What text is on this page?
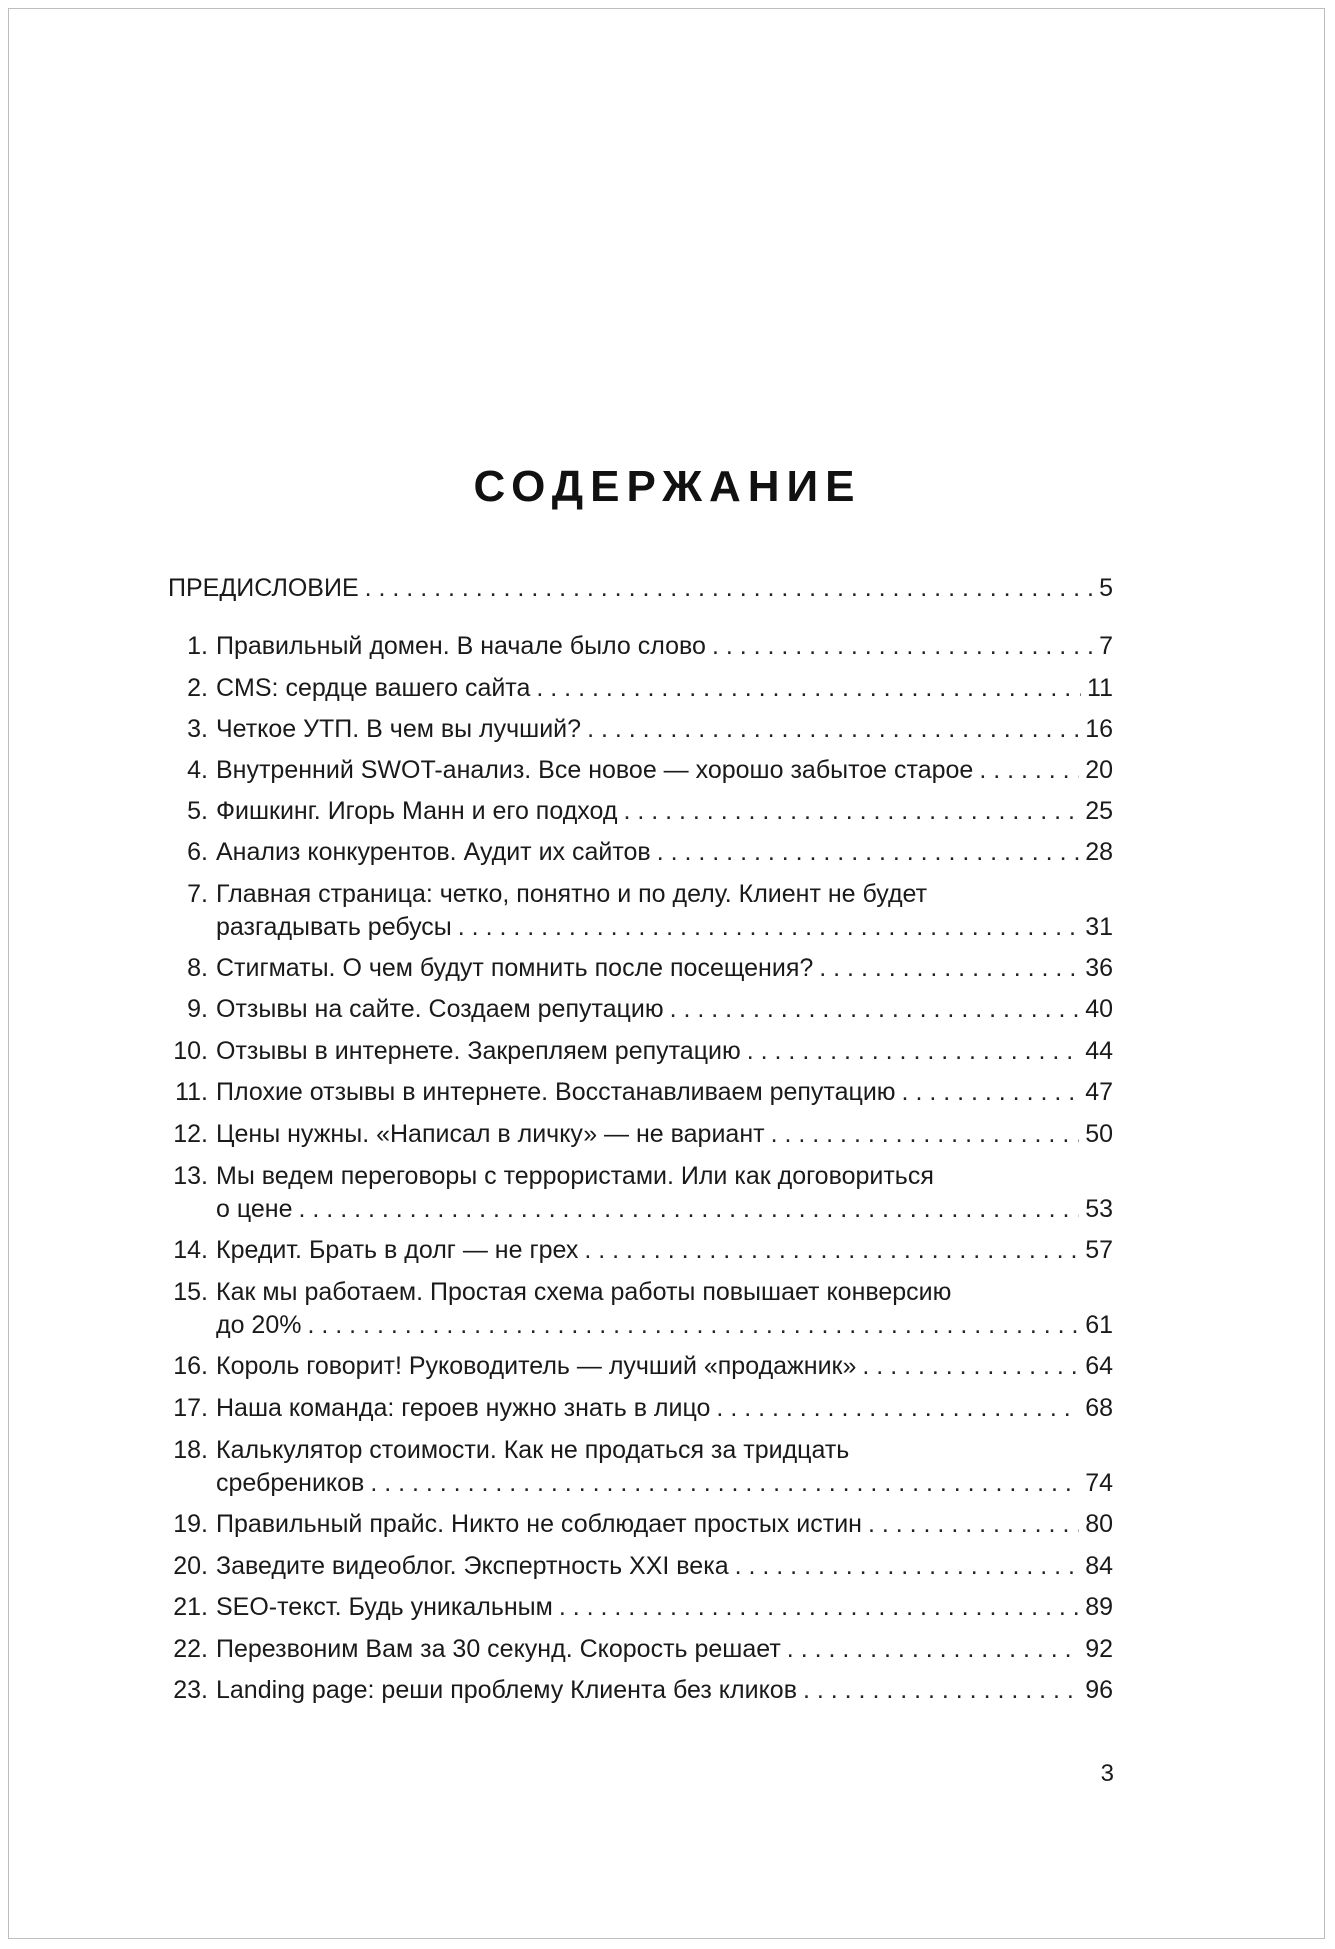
СОДЕРЖАНИЕ
ПРЕДИСЛОВИЕ . . .	5
1. Правильный домен. В начале было слово . . .	7
2. CMS: сердце вашего сайта . . .	11
3. Четкое УТП. В чем вы лучший? . . .	16
4. Внутренний SWOT-анализ. Все новое — хорошо забытое старое . . .	20
5. Фишкинг. Игорь Манн и его подход . . .	25
6. Анализ конкурентов. Аудит их сайтов . . .	28
7. Главная страница: четко, понятно и по делу. Клиент не будет
разгадывать ребусы . . .	31
8. Стигматы. О чем будут помнить после посещения? . . .	36
9. Отзывы на сайте. Создаем репутацию . . .	40
10. Отзывы в интернете. Закрепляем репутацию . . .	44
11. Плохие отзывы в интернете. Восстанавливаем репутацию . . .	47
12. Цены нужны. «Написал в личку» — не вариант . . .	50
13. Мы ведем переговоры с террористами. Или как договориться
о цене . . .	53
14. Кредит. Брать в долг — не грех . . .	57
15. Как мы работаем. Простая схема работы повышает конверсию
до 20% . . .	61
16. Король говорит! Руководитель — лучший «продажник» . . .	64
17. Наша команда: героев нужно знать в лицо . . .	68
18. Калькулятор стоимости. Как не продаться за тридцать
сребреников . . .	74
19. Правильный прайс. Никто не соблюдает простых истин . . .	80
20. Заведите видеоблог. Экспертность XXI века . . .	84
21. SEO-текст. Будь уникальным . . .	89
22. Перезвоним Вам за 30 секунд. Скорость решает . . .	92
23. Landing page: реши проблему Клиента без кликов . . .	96
3
